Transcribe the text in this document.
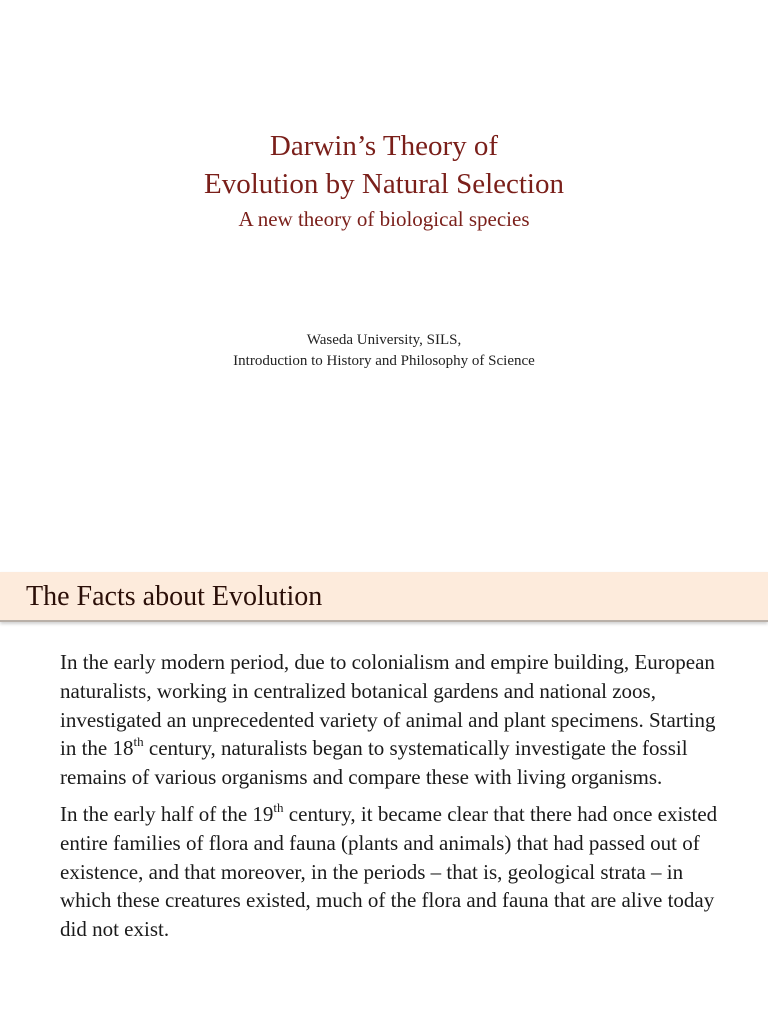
Darwin’s Theory of
Evolution by Natural Selection
A new theory of biological species
Waseda University, SILS,
Introduction to History and Philosophy of Science
The Facts about Evolution

In the early modern period, due to colonialism and empire building, European naturalists, working in centralized botanical gardens and national zoos, investigated an unprecedented variety of animal and plant specimens. Starting in the 18th century, naturalists began to systematically investigate the fossil remains of various organisms and compare these with living organisms.

In the early half of the 19th century, it became clear that there had once existed entire families of flora and fauna (plants and animals) that had passed out of existence, and that moreover, in the periods – that is, geological strata – in which these creatures existed, much of the flora and fauna that are alive today did not exist.
